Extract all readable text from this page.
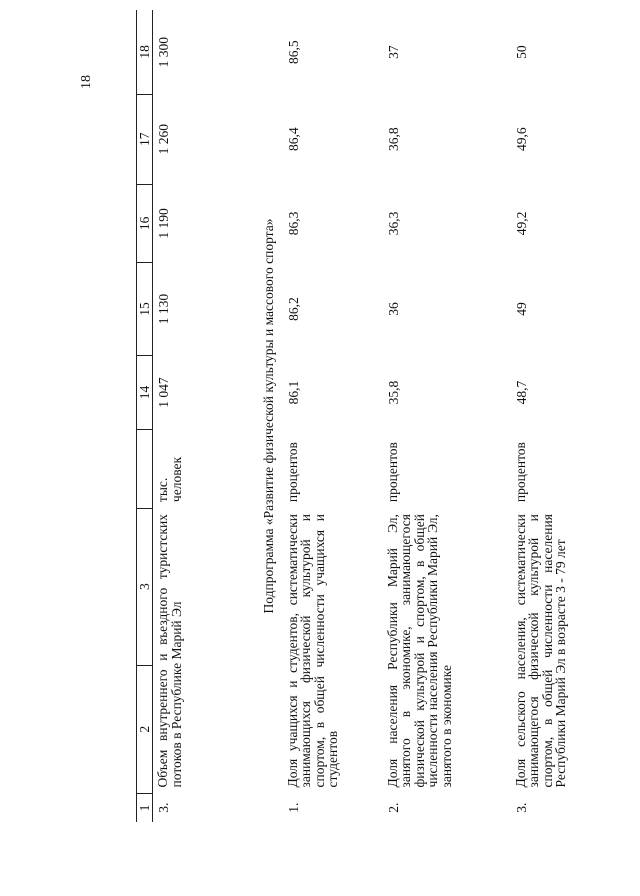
18
1	2	3		14	15	16	17	18
3.	Объем внутреннего и въездного туристских потоков в Республике Марий Эл		тыс. человек	1 047	1 130	1 190	1 260	1 300
Подпрограмма «Развитие физической культуры и массового спорта»								
1.	Доля учащихся и студентов, систематически занимающихся физической культурой и спортом, в общей численности учащихся и студентов		процентов	86,1	86,2	86,3	86,4	86,5
2.	Доля населения Республики Марий Эл, занятого в экономике, занимающегося физической культурой и спортом, в общей численности населения Республики Марий Эл, занятого в экономике		процентов	35,8	36	36,3	36,8	37
3.	Доля сельского населения, систематически занимающегося физической культурой и спортом, в общей численности населения Республики Марий Эл в возрасте 3 - 79 лет		процентов	48,7	49	49,2	49,6	50
